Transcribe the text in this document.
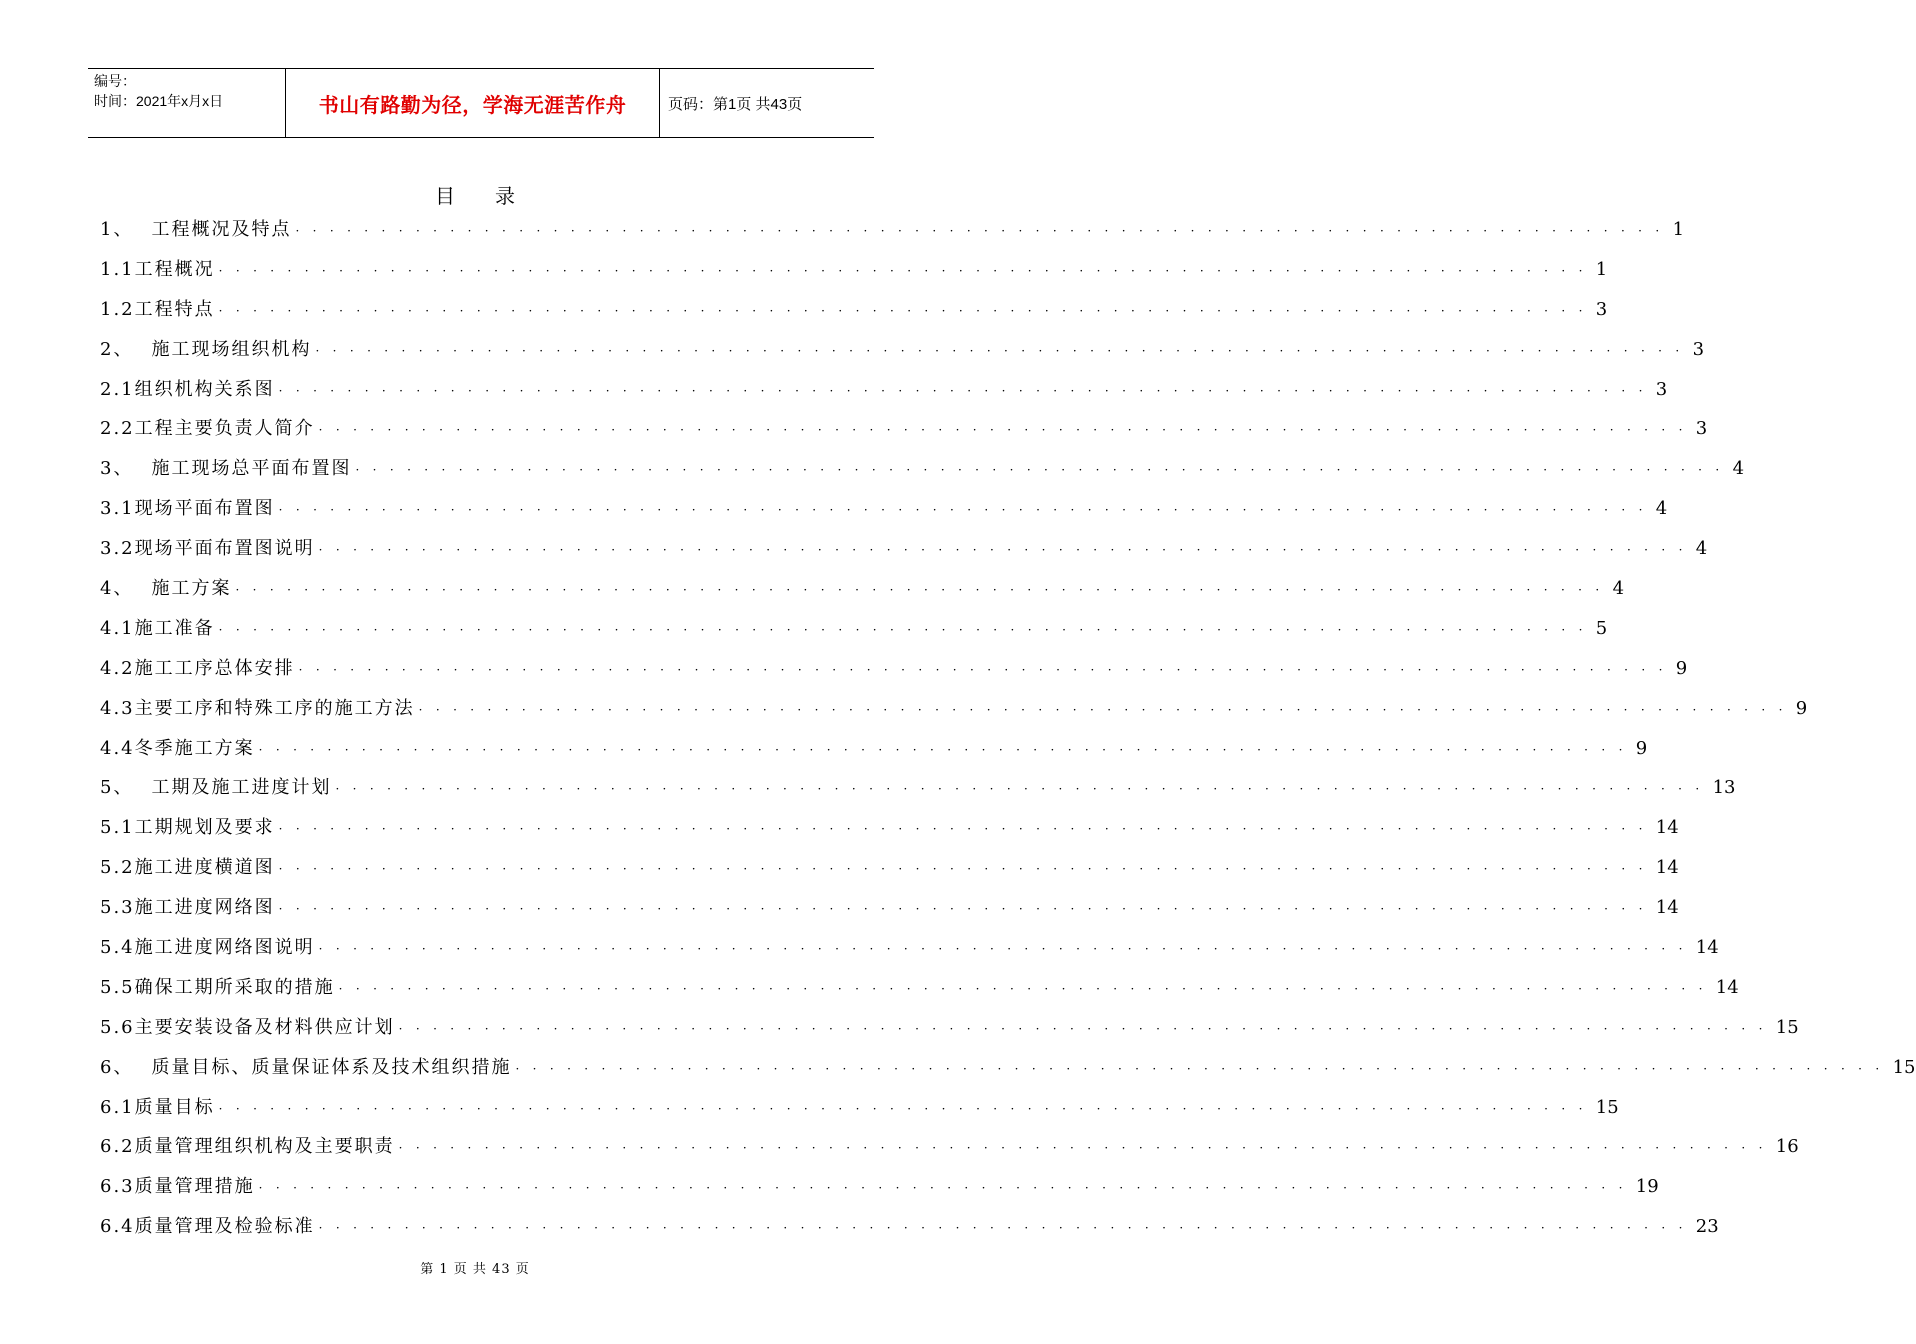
编号：
时间：2021年x月x日	书山有路勤为径，学海无涯苦作舟	页码：第1页 共43页
目录
1、 工程概况及特点 ················································································ 1
1.1工程概况 ················································································ 1
1.2工程特点 ················································································ 3
2、 施工现场组织机构 ················································································ 3
2.1组织机构关系图 ················································································ 3
2.2工程主要负责人简介 ················································································ 3
3、 施工现场总平面布置图 ················································································ 4
3.1现场平面布置图 ················································································ 4
3.2现场平面布置图说明 ················································································ 4
4、 施工方案 ················································································ 4
4.1施工准备 ················································································ 5
4.2施工工序总体安排 ················································································ 9
4.3主要工序和特殊工序的施工方法 ················································································ 9
4.4冬季施工方案 ················································································ 9
5、 工期及施工进度计划 ················································································ 13
5.1工期规划及要求 ················································································ 14
5.2施工进度横道图 ················································································ 14
5.3施工进度网络图 ················································································ 14
5.4施工进度网络图说明 ················································································ 14
5.5确保工期所采取的措施 ················································································ 14
5.6主要安装设备及材料供应计划 ················································································ 15
6、 质量目标、质量保证体系及技术组织措施 ················································································ 15
6.1质量目标 ················································································ 15
6.2质量管理组织机构及主要职责 ················································································ 16
6.3质量管理措施 ················································································ 19
6.4质量管理及检验标准 ················································································ 23
第 1 页 共 43 页
